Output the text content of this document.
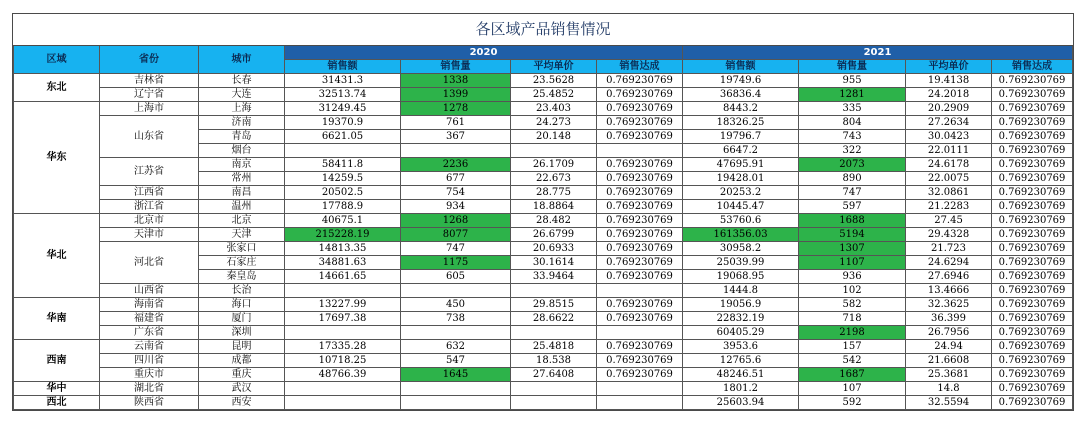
各区域产品销售情况
区域	省份	城市	2020				2021			
			销售额	销售量	平均单价	销售达成	销售额	销售量	平均单价	销售达成
东北	吉林省	长春	31431.3	1338	23.5628	0.769230769	19749.6	955	19.4138	0.769230769
	辽宁省	大连	32513.74	1399	25.4852	0.769230769	36836.4	1281	24.2018	0.769230769
华东	上海市	上海	31249.45	1278	23.403	0.769230769	8443.2	335	20.2909	0.769230769
	山东省	济南	19370.9	761	24.273	0.769230769	18326.25	804	27.2634	0.769230769
		青岛	6621.05	367	20.148	0.769230769	19796.7	743	30.0423	0.769230769
		烟台					6647.2	322	22.0111	0.769230769
	江苏省	南京	58411.8	2236	26.1709	0.769230769	47695.91	2073	24.6178	0.769230769
		常州	14259.5	677	22.673	0.769230769	19428.01	890	22.0075	0.769230769
	江西省	南昌	20502.5	754	28.775	0.769230769	20253.2	747	32.0861	0.769230769
	浙江省	温州	17788.9	934	18.8864	0.769230769	10445.47	597	21.2283	0.769230769
华北	北京市	北京	40675.1	1268	28.482	0.769230769	53760.6	1688	27.45	0.769230769
	天津市	天津	215228.19	8077	26.6799	0.769230769	161356.03	5194	29.4328	0.769230769
	河北省	张家口	14813.35	747	20.6933	0.769230769	30958.2	1307	21.723	0.769230769
		石家庄	34881.63	1175	30.1614	0.769230769	25039.99	1107	24.6294	0.769230769
		秦皇岛	14661.65	605	33.9464	0.769230769	19068.95	936	27.6946	0.769230769
	山西省	长治					1444.8	102	13.4666	0.769230769
华南	海南省	海口	13227.99	450	29.8515	0.769230769	19056.9	582	32.3625	0.769230769
	福建省	厦门	17697.38	738	28.6622	0.769230769	22832.19	718	36.399	0.769230769
	广东省	深圳					60405.29	2198	26.7956	0.769230769
西南	云南省	昆明	17335.28	632	25.4818	0.769230769	3953.6	157	24.94	0.769230769
	四川省	成都	10718.25	547	18.538	0.769230769	12765.6	542	21.6608	0.769230769
	重庆市	重庆	48766.39	1645	27.6408	0.769230769	48246.51	1687	25.3681	0.769230769
华中	湖北省	武汉					1801.2	107	14.8	0.769230769
西北	陕西省	西安					25603.94	592	32.5594	0.769230769
